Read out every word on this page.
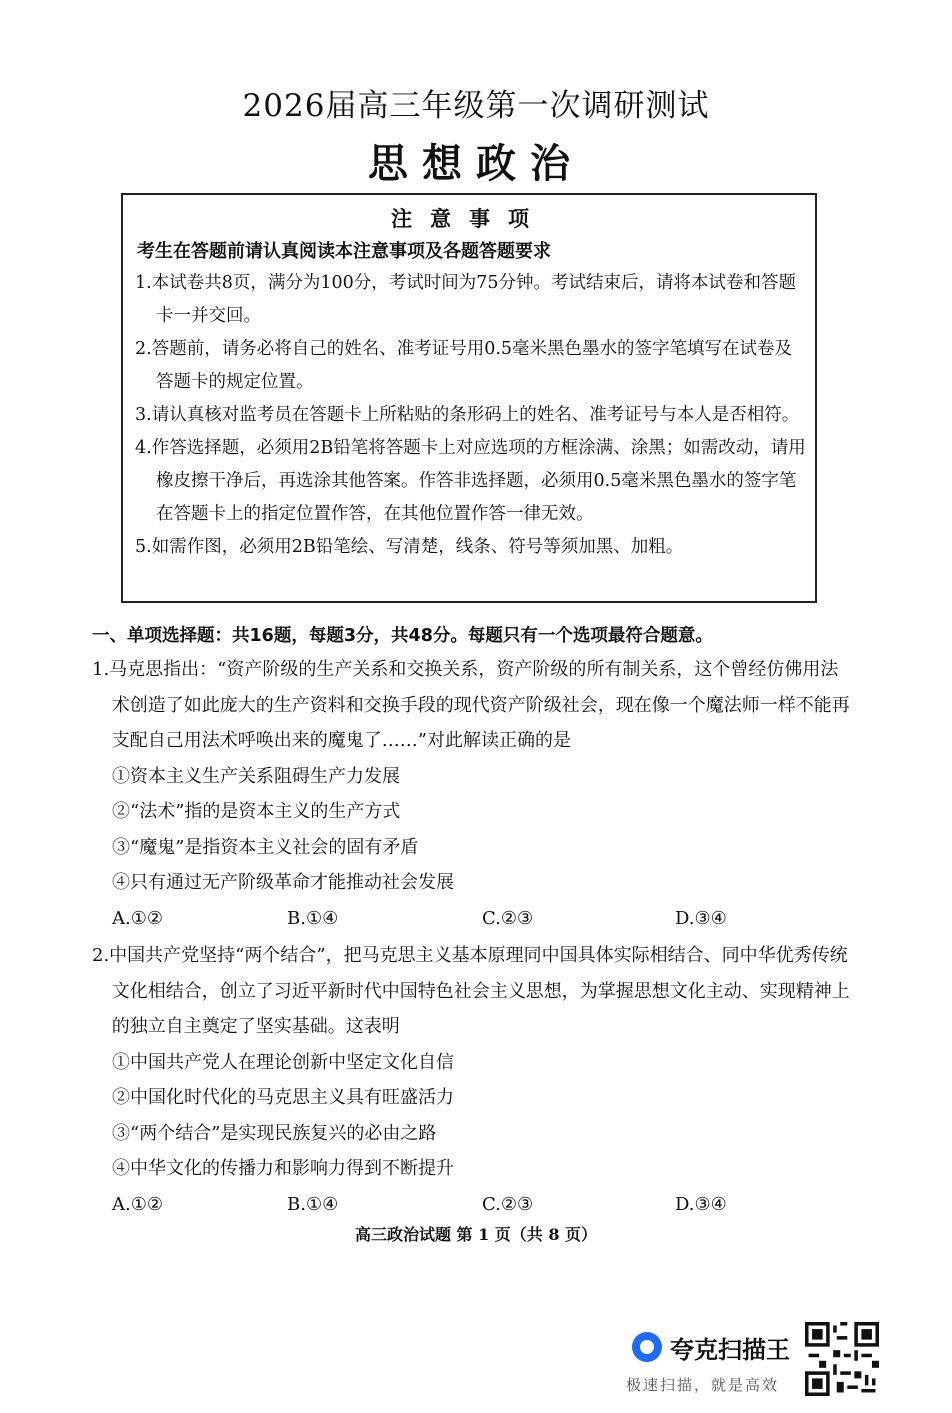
2026届高三年级第一次调研测试
思想政治
注意事项
考生在答题前请认真阅读本注意事项及各题答题要求

1.本试卷共8页，满分为100分，考试时间为75分钟。考试结束后，请将本试卷和答题卡一并交回。

2.答题前，请务必将自己的姓名、准考证号用0.5毫米黑色墨水的签字笔填写在试卷及答题卡的规定位置。

3.请认真核对监考员在答题卡上所粘贴的条形码上的姓名、准考证号与本人是否相符。

4.作答选择题，必须用2B铅笔将答题卡上对应选项的方框涂满、涂黑；如需改动，请用橡皮擦干净后，再选涂其他答案。作答非选择题，必须用0.5毫米黑色墨水的签字笔在答题卡上的指定位置作答，在其他位置作答一律无效。

5.如需作图，必须用2B铅笔绘、写清楚，线条、符号等须加黑、加粗。

一、单项选择题：共16题，每题3分，共48分。每题只有一个选项最符合题意。

1.马克思指出：“资产阶级的生产关系和交换关系，资产阶级的所有制关系，这个曾经仿佛用法术创造了如此庞大的生产资料和交换手段的现代资产阶级社会，现在像一个魔法师一样不能再支配自己用法术呼唤出来的魔鬼了……”对此解读正确的是

①资本主义生产关系阻碍生产力发展

②“法术”指的是资本主义的生产方式

③“魔鬼”是指资本主义社会的固有矛盾

④只有通过无产阶级革命才能推动社会发展

A.①②	B.①④	C.②③	D.③④

2.中国共产党坚持“两个结合”，把马克思主义基本原理同中国具体实际相结合、同中华优秀传统文化相结合，创立了习近平新时代中国特色社会主义思想，为掌握思想文化主动、实现精神上的独立自主奠定了坚实基础。这表明

①中国共产党人在理论创新中坚定文化自信

②中国化时代化的马克思主义具有旺盛活力

③“两个结合”是实现民族复兴的必由之路

④中华文化的传播力和影响力得到不断提升

A.①②	B.①④	C.②③	D.③④
高三政治试题 第 1 页（共 8 页）
夸克扫描王
极速扫描，就是高效
